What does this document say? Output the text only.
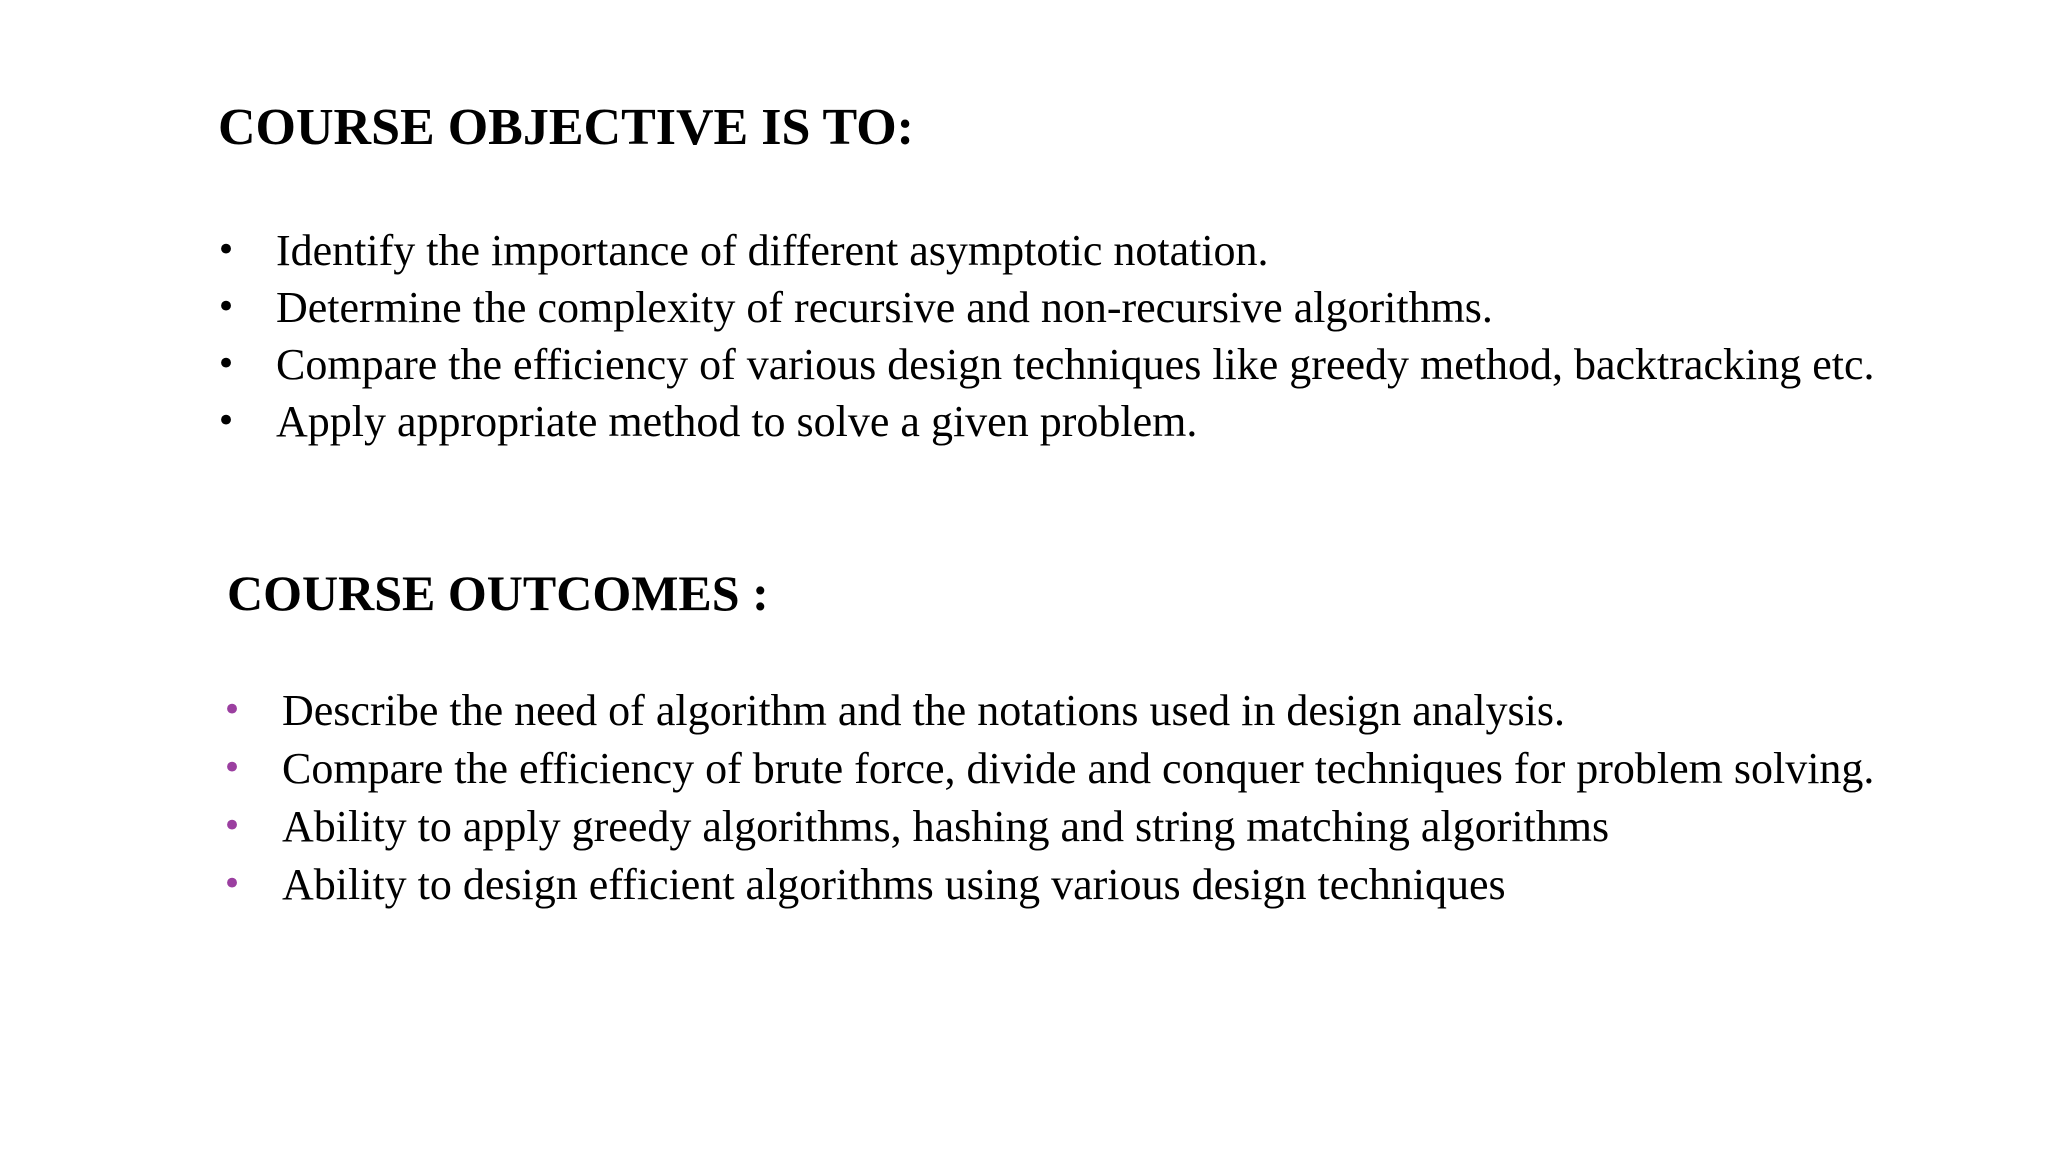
COURSE OBJECTIVE IS TO:
• Identify the importance of different asymptotic notation.
• Determine the complexity of recursive and non-recursive algorithms.
• Compare the efficiency of various design techniques like greedy method, backtracking etc.
• Apply appropriate method to solve a given problem.
COURSE OUTCOMES :
• Describe the need of algorithm and the notations used in design analysis.
• Compare the efficiency of brute force, divide and conquer techniques for problem solving.
• Ability to apply greedy algorithms, hashing and string matching algorithms
• Ability to design efficient algorithms using various design techniques
